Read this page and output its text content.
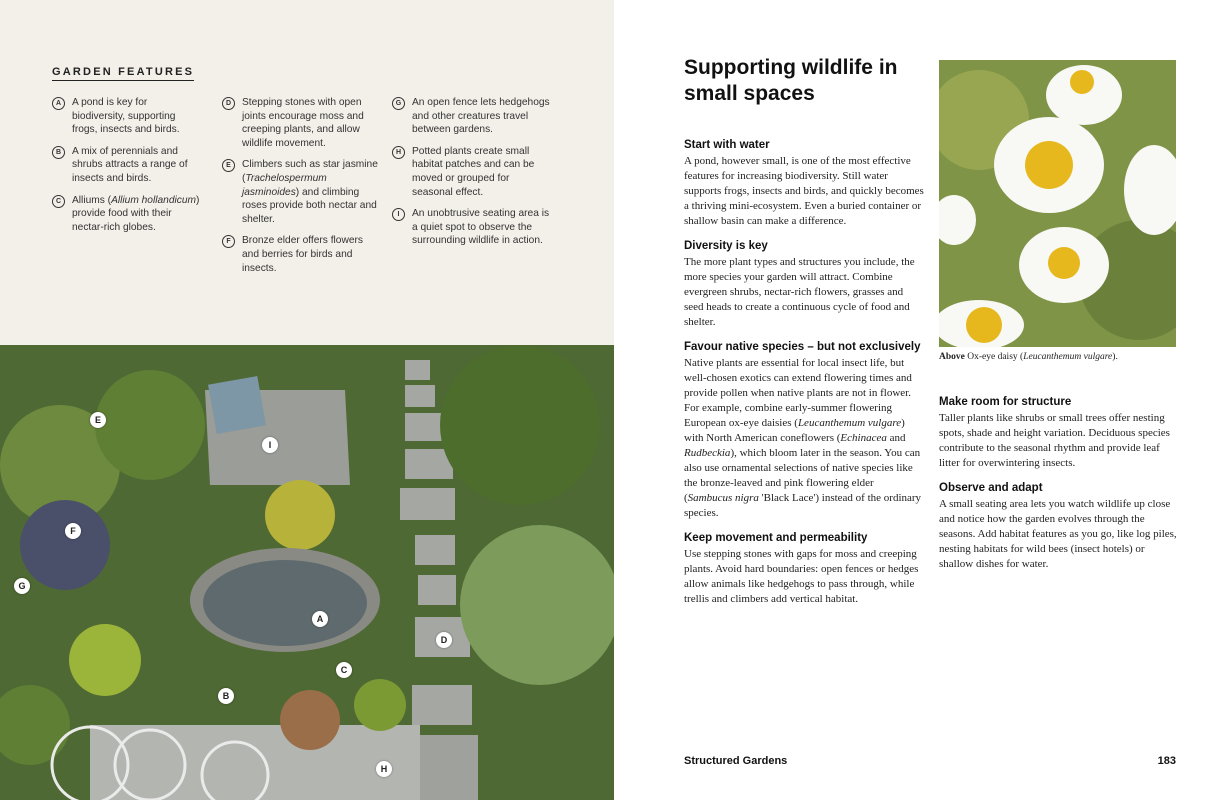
GARDEN FEATURES
A	A pond is key for biodiversity, supporting frogs, insects and birds.
B	A mix of perennials and shrubs attracts a range of insects and birds.
C	Alliums (Allium hollandicum) provide food with their nectar-rich globes.
D	Stepping stones with open joints encourage moss and creeping plants, and allow wildlife movement.
E	Climbers such as star jasmine (Trachelospermum jasminoides) and climbing roses provide both nectar and shelter.
F	Bronze elder offers flowers and berries for birds and insects.
G	An open fence lets hedgehogs and other creatures travel between gardens.
H	Potted plants create small habitat patches and can be moved or grouped for seasonal effect.
I	An unobtrusive seating area is a quiet spot to observe the surrounding wildlife in action.
A
B
C
D
E
F
G
H
I
Supporting wildlife in small spaces
Start with water

A pond, however small, is one of the most effective features for increasing biodiversity. Still water supports frogs, insects and birds, and quickly becomes a thriving mini-ecosystem. Even a buried container or shallow basin can make a difference.

Diversity is key

The more plant types and structures you include, the more species your garden will attract. Combine evergreen shrubs, nectar-rich flowers, grasses and seed heads to create a continuous cycle of food and shelter.

Favour native species – but not exclusively

Native plants are essential for local insect life, but well-chosen exotics can extend flowering times and provide pollen when native plants are not in flower. For example, combine early-summer flowering European ox-eye daisies (Leucanthemum vulgare) with North American coneflowers (Echinacea and Rudbeckia), which bloom later in the season. You can also use ornamental selections of native species like the bronze-leaved and pink flowering elder (Sambucus nigra 'Black Lace') instead of the ordinary species.

Keep movement and permeability

Use stepping stones with gaps for moss and creeping plants. Avoid hard boundaries: open fences or hedges allow animals like hedgehogs to pass through, while trellis and climbers add vertical habitat.

Above Ox-eye daisy (Leucanthemum vulgare).
Make room for structure

Taller plants like shrubs or small trees offer nesting spots, shade and height variation. Deciduous species contribute to the seasonal rhythm and provide leaf litter for overwintering insects.

Observe and adapt

A small seating area lets you watch wildlife up close and notice how the garden evolves through the seasons. Add habitat features as you go, like log piles, nesting habitats for wild bees (insect hotels) or shallow dishes for water.

Structured Gardens	183
